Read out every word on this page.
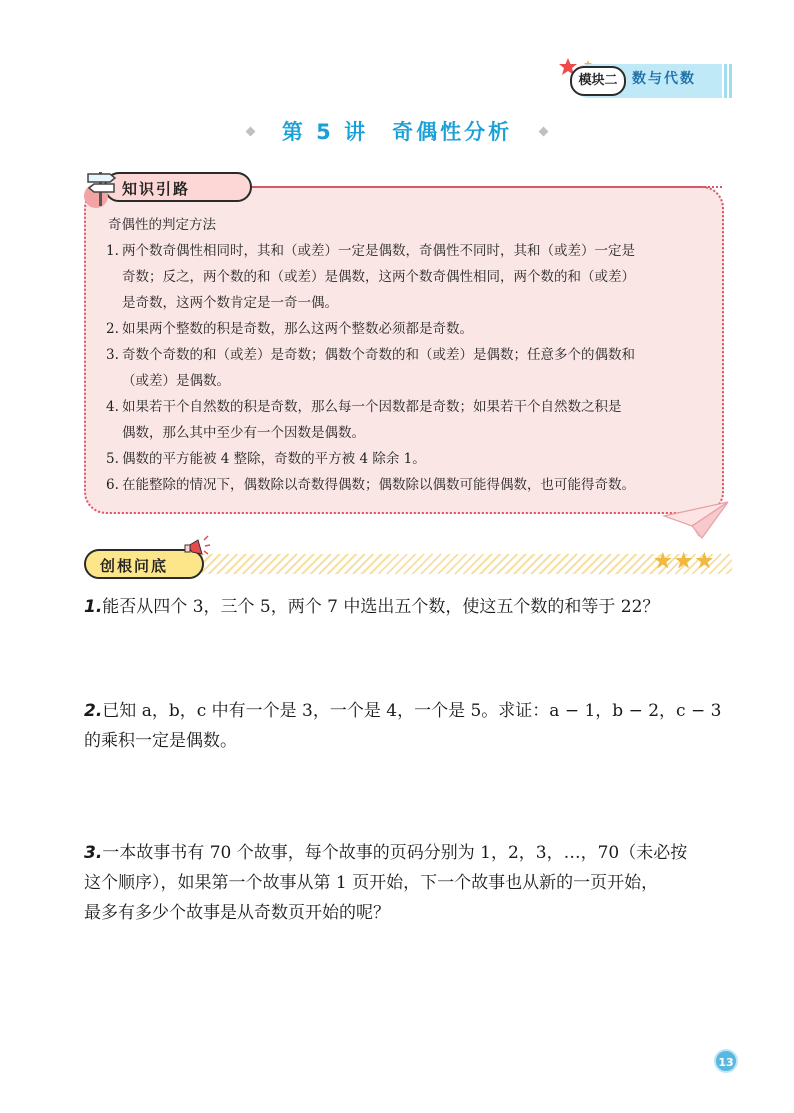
模块二	数与代数
第 5 讲　奇偶性分析
知识引路
奇偶性的判定方法
1. 两个数奇偶性相同时，其和（或差）一定是偶数，奇偶性不同时，其和（或差）一定是
奇数；反之，两个数的和（或差）是偶数，这两个数奇偶性相同，两个数的和（或差）
是奇数，这两个数肯定是一奇一偶。
2. 如果两个整数的积是奇数，那么这两个整数必须都是奇数。
3. 奇数个奇数的和（或差）是奇数；偶数个奇数的和（或差）是偶数；任意多个的偶数和
（或差）是偶数。
4. 如果若干个自然数的积是奇数，那么每一个因数都是奇数；如果若干个自然数之积是
偶数，那么其中至少有一个因数是偶数。
5. 偶数的平方能被 4 整除，奇数的平方被 4 除余 1。
6. 在能整除的情况下，偶数除以奇数得偶数；偶数除以偶数可能得偶数，也可能得奇数。
创根问底	★★★
1.能否从四个 3，三个 5，两个 7 中选出五个数，使这五个数的和等于 22？
2.已知 a，b，c 中有一个是 3，一个是 4，一个是 5。求证：a − 1，b − 2，c − 3
的乘积一定是偶数。
3.一本故事书有 70 个故事，每个故事的页码分别为 1，2，3，…，70（未必按
这个顺序），如果第一个故事从第 1 页开始，下一个故事也从新的一页开始，
最多有多少个故事是从奇数页开始的呢？
13
